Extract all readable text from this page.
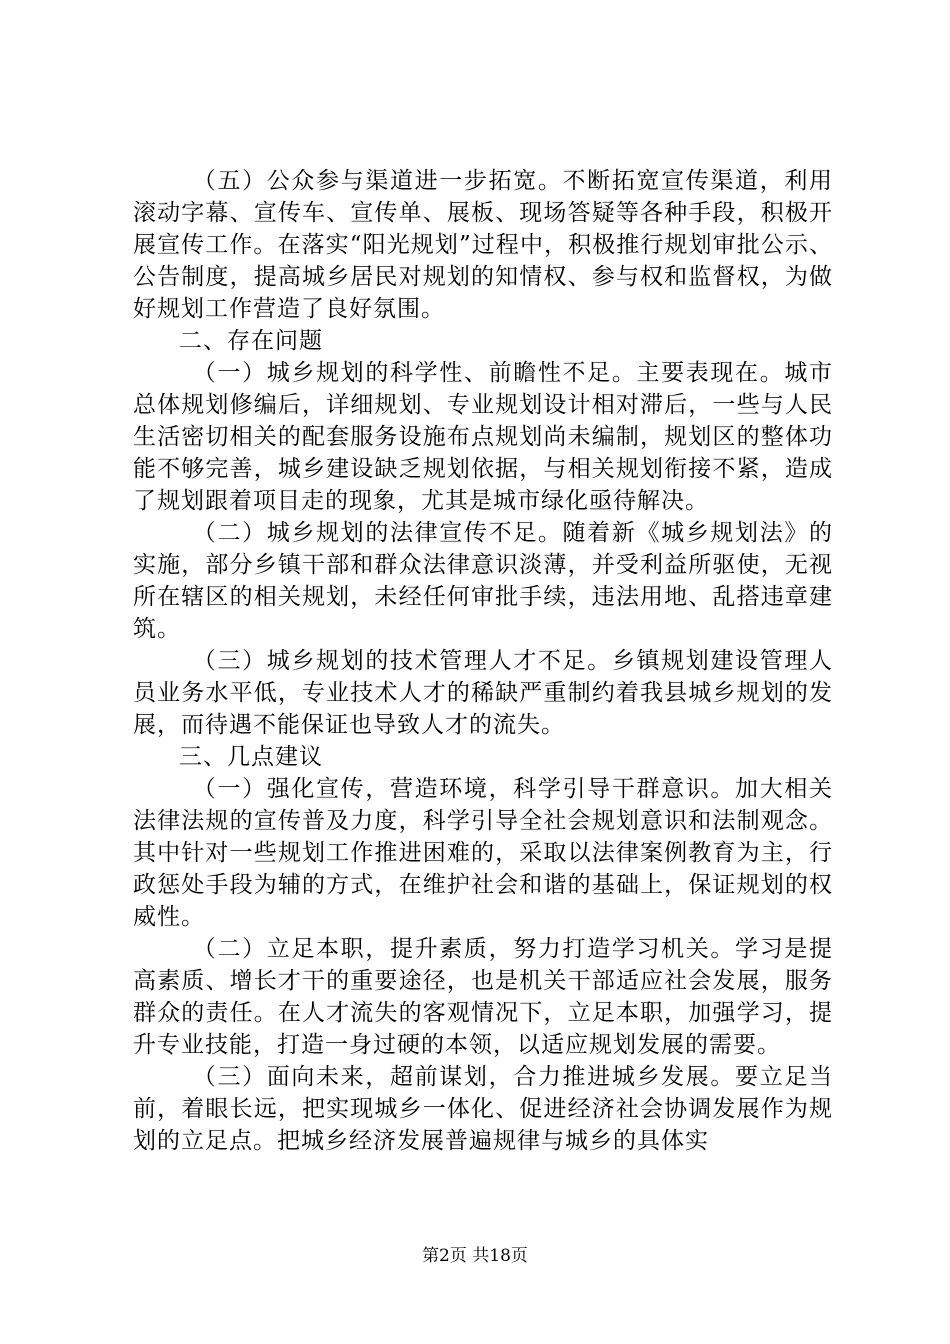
（五）公众参与渠道进一步拓宽。不断拓宽宣传渠道，利用滚动字幕、宣传车、宣传单、展板、现场答疑等各种手段，积极开展宣传工作。在落实“阳光规划”过程中，积极推行规划审批公示、公告制度，提高城乡居民对规划的知情权、参与权和监督权，为做好规划工作营造了良好氛围。

二、存在问题

（一）城乡规划的科学性、前瞻性不足。主要表现在。城市总体规划修编后，详细规划、专业规划设计相对滞后，一些与人民生活密切相关的配套服务设施布点规划尚未编制，规划区的整体功能不够完善，城乡建设缺乏规划依据，与相关规划衔接不紧，造成了规划跟着项目走的现象，尤其是城市绿化亟待解决。

（二）城乡规划的法律宣传不足。随着新《城乡规划法》的实施，部分乡镇干部和群众法律意识淡薄，并受利益所驱使，无视所在辖区的相关规划，未经任何审批手续，违法用地、乱搭违章建筑。

（三）城乡规划的技术管理人才不足。乡镇规划建设管理人员业务水平低，专业技术人才的稀缺严重制约着我县城乡规划的发展，而待遇不能保证也导致人才的流失。

三、几点建议

（一）强化宣传，营造环境，科学引导干群意识。加大相关法律法规的宣传普及力度，科学引导全社会规划意识和法制观念。其中针对一些规划工作推进困难的，采取以法律案例教育为主，行政惩处手段为辅的方式，在维护社会和谐的基础上，保证规划的权威性。

（二）立足本职，提升素质，努力打造学习机关。学习是提高素质、增长才干的重要途径，也是机关干部适应社会发展，服务群众的责任。在人才流失的客观情况下，立足本职，加强学习，提升专业技能，打造一身过硬的本领，以适应规划发展的需要。

（三）面向未来，超前谋划，合力推进城乡发展。要立足当前，着眼长远，把实现城乡一体化、促进经济社会协调发展作为规划的立足点。把城乡经济发展普遍规律与城乡的具体实

第2页 共18页
